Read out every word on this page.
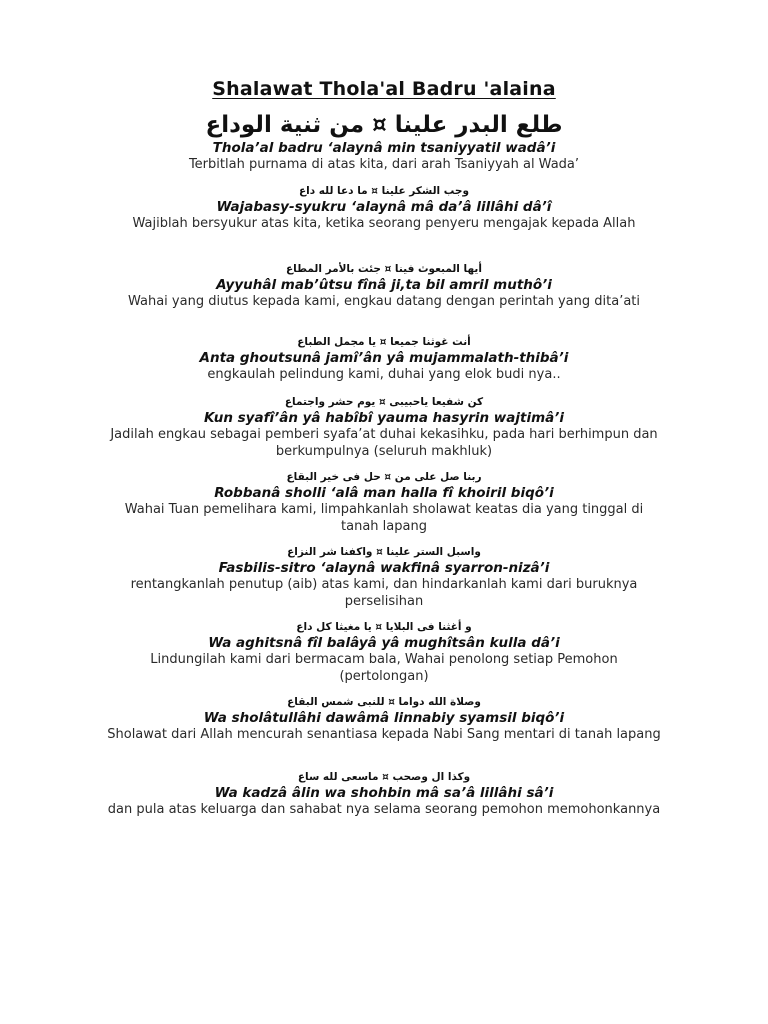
Shalawat Thola'al Badru 'alaina
طلع البدر علينا ¤ من ثنية الوداع
Thola’al badru ‘alaynâ min tsaniyyatil wadâ’i
Terbitlah purnama di atas kita, dari arah Tsaniyyah al Wada’
وجب الشكر علينا ¤ ما دعا لله داع
Wajabasy-syukru ‘alaynâ mâ da’â lillâhi dâ’î
Wajiblah bersyukur atas kita, ketika seorang penyeru mengajak kepada Allah
أيها المبعوث فينا ¤ جئت بالأمر المطاع
Ayyuhâl mab’ûtsu fînâ ji,ta bil amril muthô’i
Wahai yang diutus kepada kami, engkau datang dengan perintah yang dita’ati
أنت غوثنا جميعا ¤ يا مجمل الطباع
Anta ghoutsunâ jamî’ân yâ mujammalath-thibâ’i
engkaulah pelindung kami, duhai yang elok budi nya..
كن شفيعا ياحبيبى ¤ يوم حشر واجتماع
Kun syafî’ân yâ habîbî yauma hasyrin wajtimâ’i
Jadilah engkau sebagai pemberi syafa’at duhai kekasihku, pada hari berhimpun dan berkumpulnya (seluruh makhluk)
ربنا صل على من ¤ حل فى خير البقاع
Robbanâ sholli ‘alâ man halla fî khoiril biqô’i
Wahai Tuan pemelihara kami, limpahkanlah sholawat keatas dia yang tinggal di tanah lapang
واسبل الستر علينا ¤ واكفنا شر النزاع
Fasbilis-sitro ‘alaynâ wakfinâ syarron-nizâ’i
rentangkanlah penutup (aib) atas kami, dan hindarkanlah kami dari buruknya perselisihan
و أغثنا فى البلايا ¤ يا مغيثا كل داع
Wa aghitsnâ fîl balâyâ yâ mughîtsân kulla dâ’i
Lindungilah kami dari bermacam bala, Wahai penolong setiap Pemohon (pertolongan)
وصلاة الله دواما ¤ للنبى شمس البقاع
Wa sholâtullâhi dawâmâ linnabiy syamsil biqô’i
Sholawat dari Allah mencurah senantiasa kepada Nabi Sang mentari di tanah lapang
وكذا ال وصحب ¤ ماسعى لله ساع
Wa kadzâ âlin wa shohbin mâ sa’â lillâhi sâ’i
dan pula atas keluarga dan sahabat nya selama seorang pemohon memohonkannya
